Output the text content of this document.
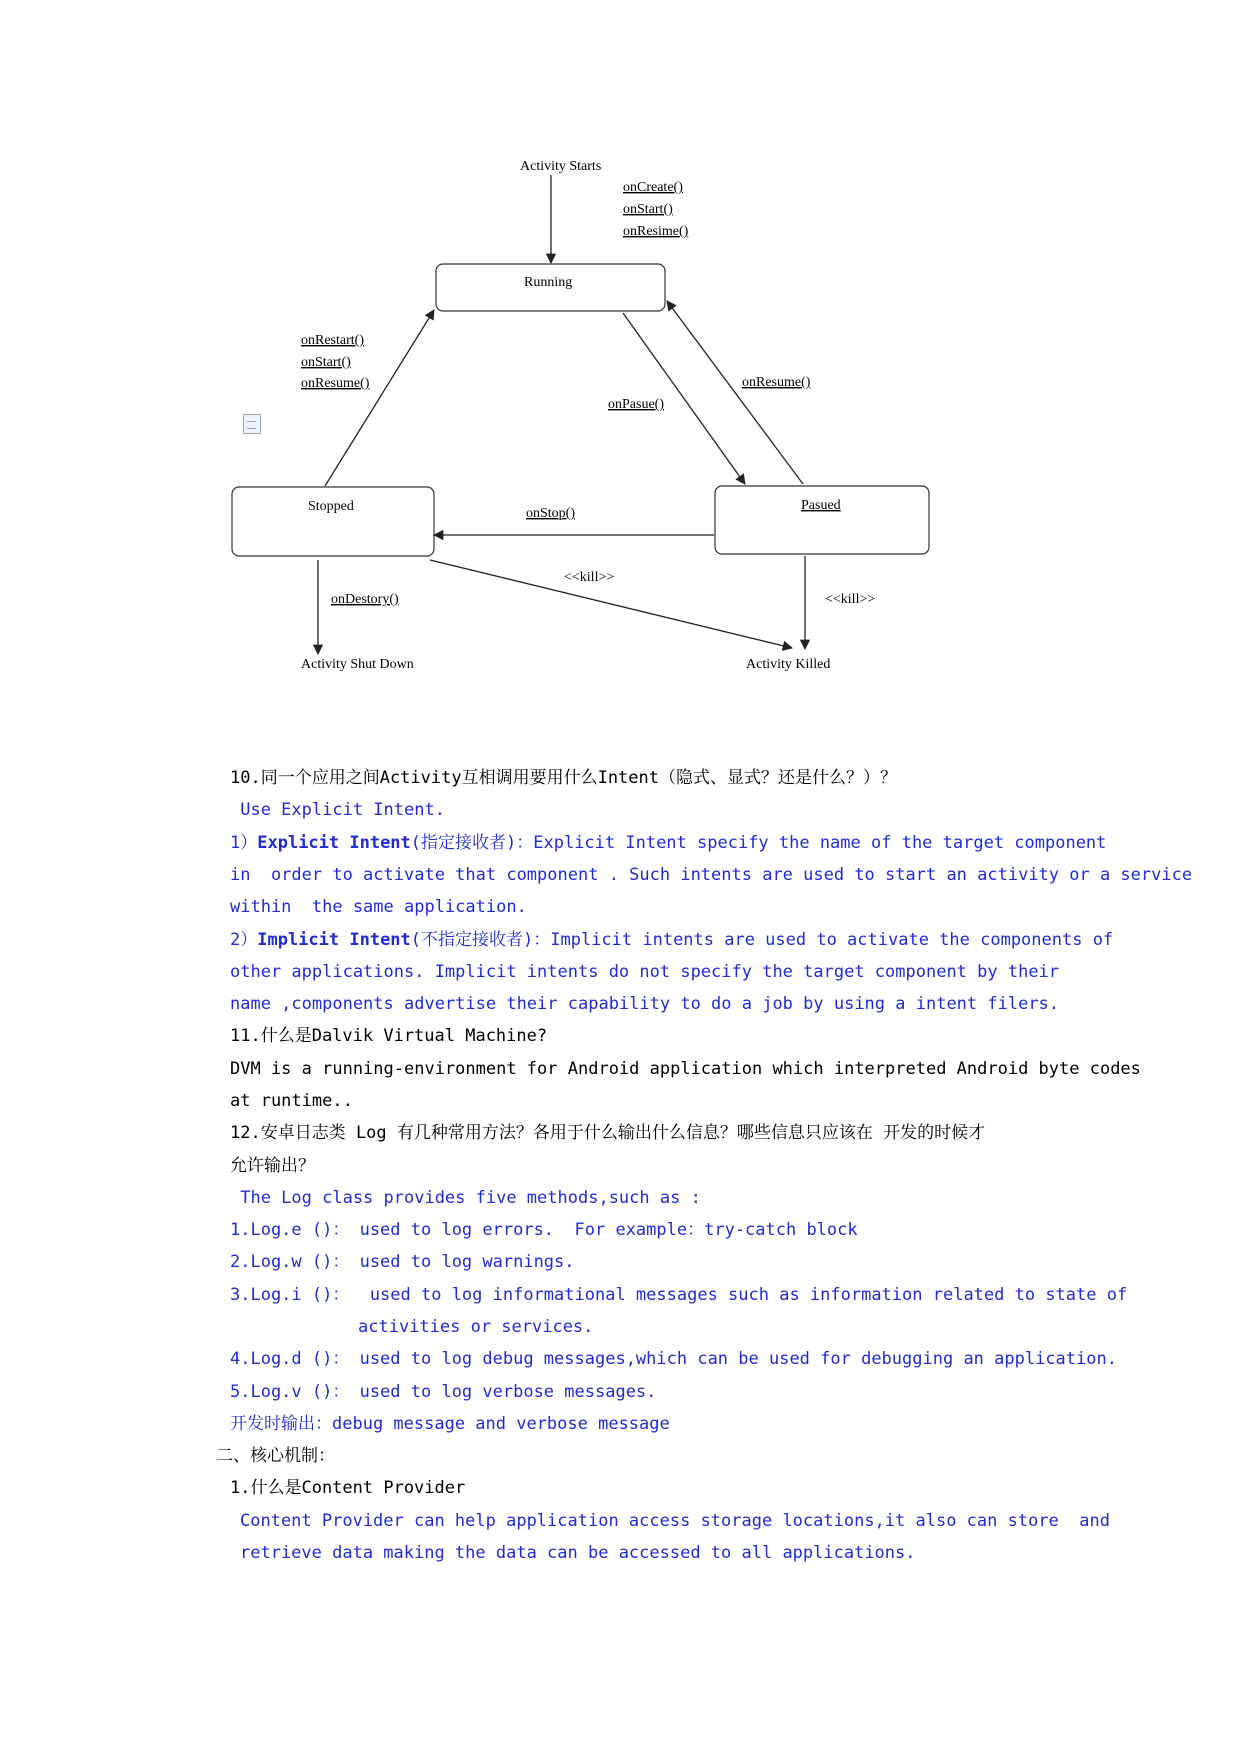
Activity Starts
onCreate()
onStart()
onResime()
Running
Stopped	Pasued
onRestart()
onStart()
onResume()
onPasue()
onResume()
onStop()
<<kill>>
<<kill>>
onDestory()
Activity Shut Down	Activity Killed
10.同一个应用之间Activity互相调用要用什么Intent（隐式、显式？还是什么？）？
Use Explicit Intent.
1）Explicit Intent(指定接收者)：Explicit Intent specify the name of the target component
in  order to activate that component . Such intents are used to start an activity or a service
within  the same application.
2）Implicit Intent(不指定接收者)：Implicit intents are used to activate the components of
other applications. Implicit intents do not specify the target component by their
name ,components advertise their capability to do a job by using a intent filers.
11.什么是Dalvik Virtual Machine?
DVM is a running-environment for Android application which interpreted Android byte codes
at runtime..
12.安卓日志类 Log 有几种常用方法？各用于什么输出什么信息？哪些信息只应该在 开发的时候才
允许输出？
The Log class provides five methods,such as :
1.Log.e ()： used to log errors.  For example：try-catch block
2.Log.w ()： used to log warnings.
3.Log.i ()：  used to log informational messages such as information related to state of
activities or services.
4.Log.d ()： used to log debug messages,which can be used for debugging an application.
5.Log.v ()： used to log verbose messages.
开发时输出：debug message and verbose message
二、核心机制：
1.什么是Content Provider
Content Provider can help application access storage locations,it also can store  and
retrieve data making the data can be accessed to all applications.
